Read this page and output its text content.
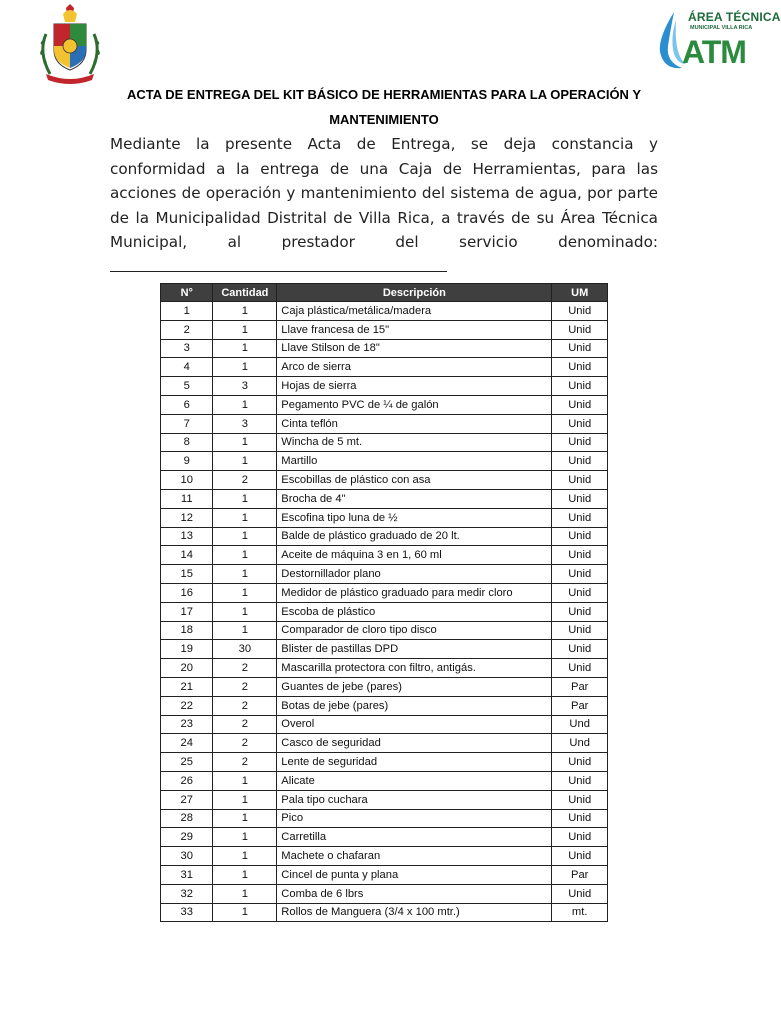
ÁREA TÉCNICA
MUNICIPAL VILLA RICA
ATM
ACTA DE ENTREGA DEL KIT BÁSICO DE HERRAMIENTAS PARA LA OPERACIÓN Y
MANTENIMIENTO
Mediante la presente Acta de Entrega, se deja constancia y conformidad a la entrega de una Caja de Herramientas, para las acciones de operación y mantenimiento del sistema de agua, por parte de la Municipalidad Distrital de Villa Rica, a través de su Área Técnica Municipal, al prestador del servicio denominado:
N°	Cantidad	Descripción	UM
1	1	Caja plástica/metálica/madera	Unid
2	1	Llave francesa de 15"	Unid
3	1	Llave Stilson de 18"	Unid
4	1	Arco de sierra	Unid
5	3	Hojas de sierra	Unid
6	1	Pegamento PVC de ¼ de galón	Unid
7	3	Cinta teflón	Unid
8	1	Wincha de 5 mt.	Unid
9	1	Martillo	Unid
10	2	Escobillas de plástico con asa	Unid
11	1	Brocha de 4"	Unid
12	1	Escofina tipo luna de ½	Unid
13	1	Balde de plástico graduado de 20 lt.	Unid
14	1	Aceite de máquina 3 en 1, 60 ml	Unid
15	1	Destornillador plano	Unid
16	1	Medidor de plástico graduado para medir cloro	Unid
17	1	Escoba de plástico	Unid
18	1	Comparador de cloro tipo disco	Unid
19	30	Blister de pastillas DPD	Unid
20	2	Mascarilla protectora con filtro, antigás.	Unid
21	2	Guantes de jebe (pares)	Par
22	2	Botas de jebe (pares)	Par
23	2	Overol	Und
24	2	Casco de seguridad	Und
25	2	Lente de seguridad	Unid
26	1	Alicate	Unid
27	1	Pala tipo cuchara	Unid
28	1	Pico	Unid
29	1	Carretilla	Unid
30	1	Machete o chafaran	Unid
31	1	Cincel de punta y plana	Par
32	1	Comba de 6 lbrs	Unid
33	1	Rollos de Manguera (3/4 x 100 mtr.)	mt.
